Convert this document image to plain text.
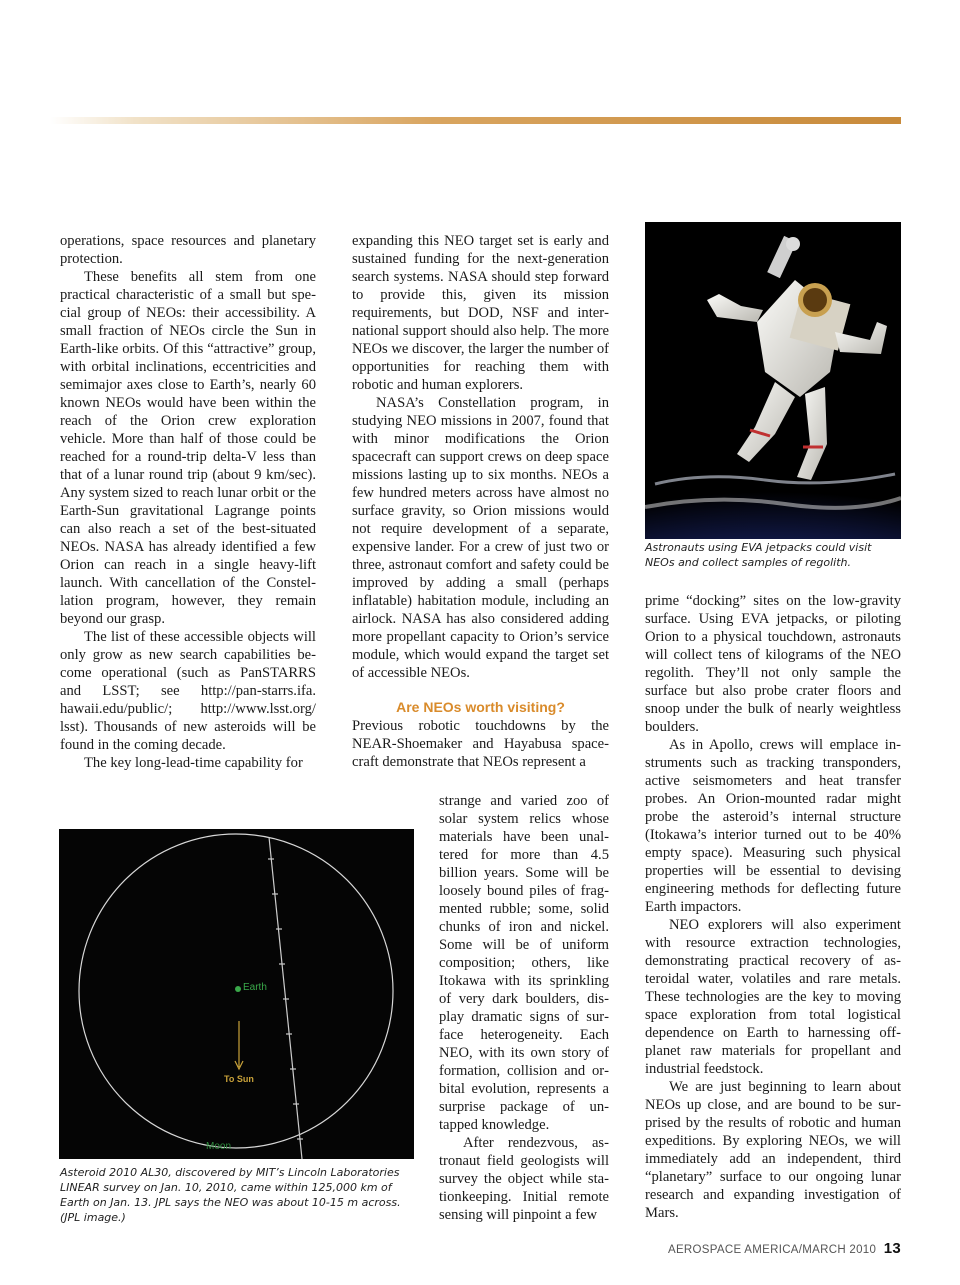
operations, space resources and planetary protection.

These benefits all stem from one practical characteristic of a small but special group of NEOs: their accessibility. A small fraction of NEOs circle the Sun in Earth-like orbits. Of this “attractive” group, with orbital inclinations, eccentricities and semimajor axes close to Earth’s, nearly 60 known NEOs would have been within the reach of the Orion crew exploration vehicle. More than half of those could be reached for a round-trip delta-V less than that of a lunar round trip (about 9 km/sec). Any system sized to reach lunar orbit or the Earth-Sun gravitational Lagrange points can also reach a set of the best-situated NEOs. NASA has already identified a few Orion can reach in a single heavy-lift launch. With cancellation of the Constellation program, however, they remain beyond our grasp.

The list of these accessible objects will only grow as new search capabilities become operational (such as PanSTARRS and LSST; see http://pan-starrs.ifa. hawaii.edu/public/; http://www.lsst.org/ lsst). Thousands of new asteroids will be found in the coming decade.

The key long-lead-time capability for

expanding this NEO target set is early and sustained funding for the next-generation search systems. NASA should step forward to provide this, given its mission requirements, but DOD, NSF and international support should also help. The more NEOs we discover, the larger the number of opportunities for reaching them with robotic and human explorers.

NASA’s Constellation program, in studying NEO missions in 2007, found that with minor modifications the Orion spacecraft can support crews on deep space missions lasting up to six months. NEOs a few hundred meters across have almost no surface gravity, so Orion missions would not require development of a separate, expensive lander. For a crew of just two or three, astronaut comfort and safety could be improved by adding a small (perhaps inflatable) habitation module, including an airlock. NASA has also considered adding more propellant capacity to Orion’s service module, which would expand the target set of accessible NEOs.

Are NEOs worth visiting?

Previous robotic touchdowns by the NEAR-Shoemaker and Hayabusa spacecraft demonstrate that NEOs represent a

strange and varied zoo of solar system relics whose materials have been unaltered for more than 4.5 billion years. Some will be loosely bound piles of fragmented rubble; some, solid chunks of iron and nickel. Some will be of uniform composition; others, like Itokawa with its sprinkling of very dark boulders, display dramatic signs of surface heterogeneity. Each NEO, with its own story of formation, collision and orbital evolution, represents a surprise package of untapped knowledge.

After rendezvous, astronaut field geologists will survey the object while stationkeeping. Initial remote sensing will pinpoint a few

Astronauts using EVA jetpacks could visit NEOs and collect samples of regolith.
Earth
To Sun
Moon
Asteroid 2010 AL30, discovered by MIT’s Lincoln Laboratories LINEAR survey on Jan. 10, 2010, came within 125,000 km of Earth on Jan. 13. JPL says the NEO was about 10-15 m across. (JPL image.)

prime “docking” sites on the low-gravity surface. Using EVA jetpacks, or piloting Orion to a physical touchdown, astronauts will collect tens of kilograms of the NEO regolith. They’ll not only sample the surface but also probe crater floors and snoop under the bulk of nearly weightless boulders.

As in Apollo, crews will emplace instruments such as tracking transponders, active seismometers and heat transfer probes. An Orion-mounted radar might probe the asteroid’s internal structure (Itokawa’s interior turned out to be 40% empty space). Measuring such physical properties will be essential to devising engineering methods for deflecting future Earth impactors.

NEO explorers will also experiment with resource extraction technologies, demonstrating practical recovery of asteroidal water, volatiles and rare metals. These technologies are the key to moving space exploration from total logistical dependence on Earth to harnessing off-planet raw materials for propellant and industrial feedstock.

We are just beginning to learn about NEOs up close, and are bound to be surprised by the results of robotic and human expeditions. By exploring NEOs, we will immediately add an independent, third “planetary” surface to our ongoing lunar research and expanding investigation of Mars.

AEROSPACE AMERICA/MARCH 2010 13
